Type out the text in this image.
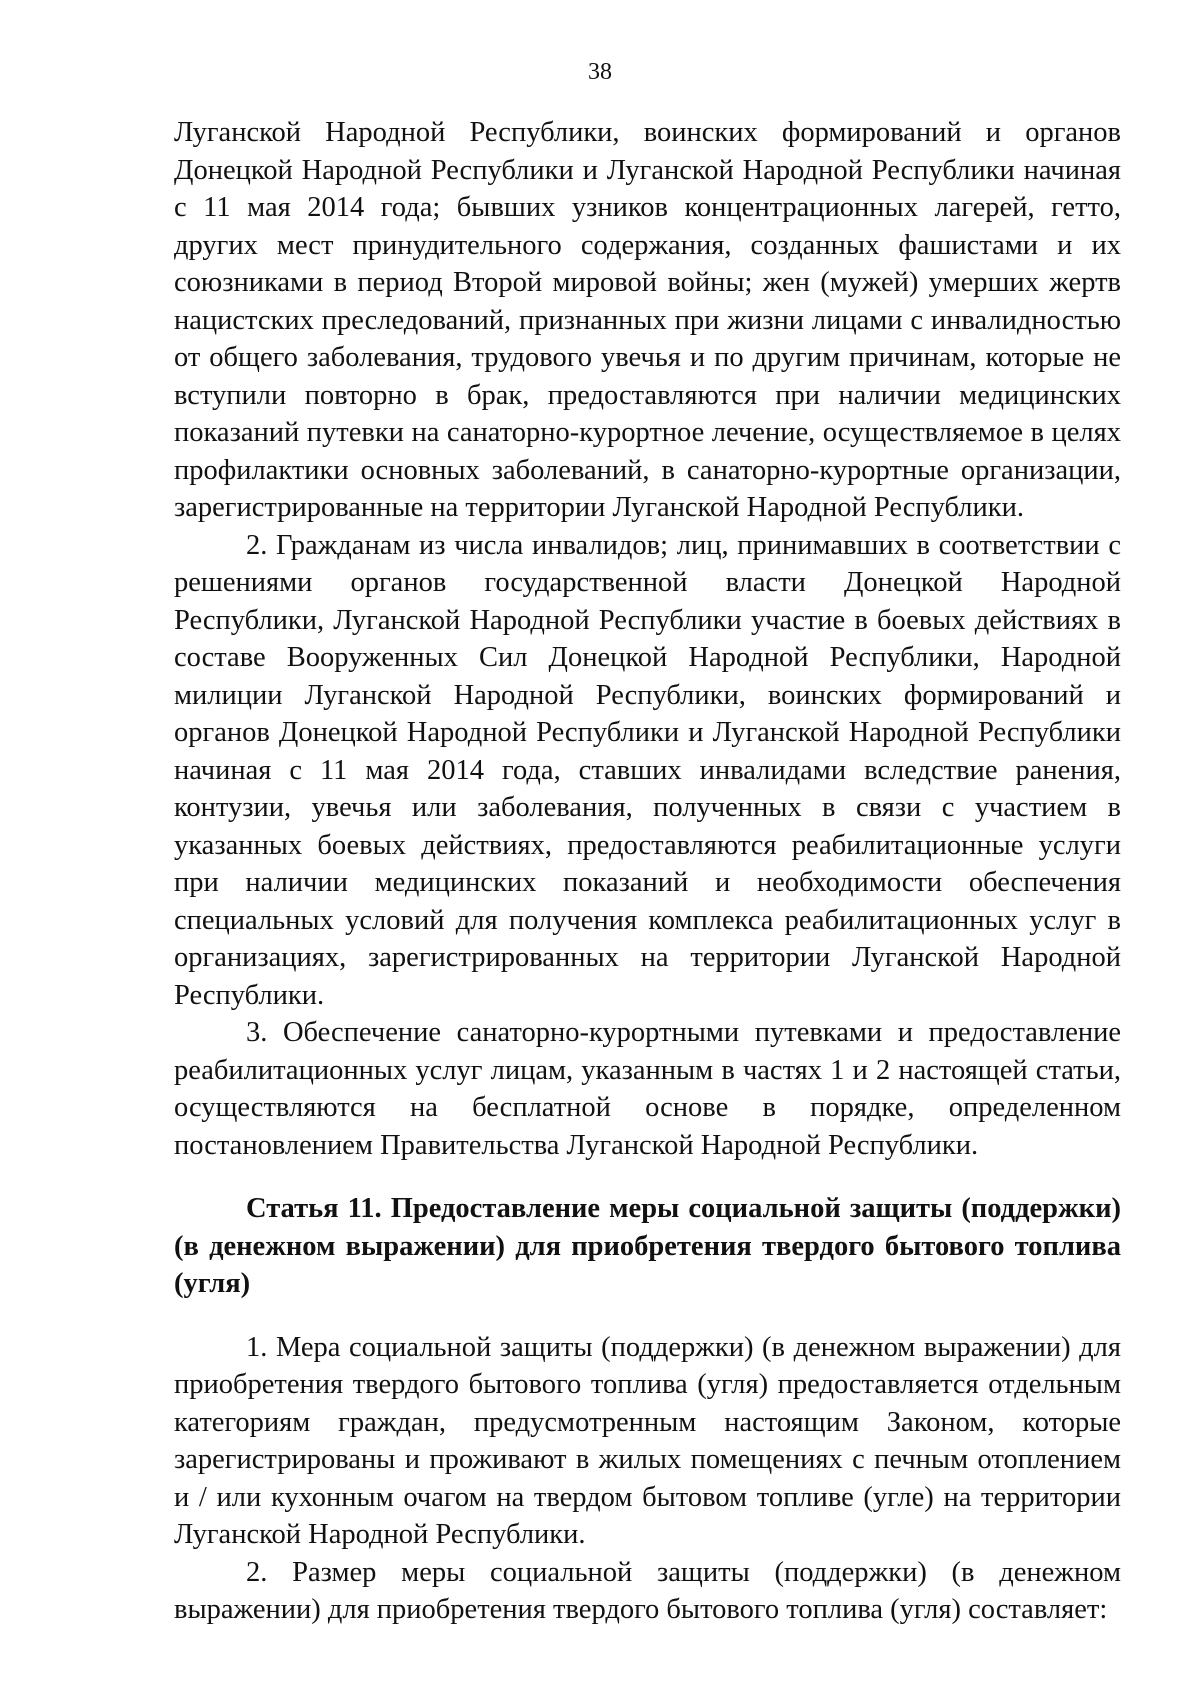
38

Луганской Народной Республики, воинских формирований и органов Донецкой Народной Республики и Луганской Народной Республики начиная с 11 мая 2014 года; бывших узников концентрационных лагерей, гетто, других мест принудительного содержания, созданных фашистами и их союзниками в период Второй мировой войны; жен (мужей) умерших жертв нацистских преследований, признанных при жизни лицами с инвалидностью от общего заболевания, трудового увечья и по другим причинам, которые не вступили повторно в брак, предоставляются при наличии медицинских показаний путевки на санаторно-курортное лечение, осуществляемое в целях профилактики основных заболеваний, в санаторно-курортные организации, зарегистрированные на территории Луганской Народной Республики.

2. Гражданам из числа инвалидов; лиц, принимавших в соответствии с решениями органов государственной власти Донецкой Народной Республики, Луганской Народной Республики участие в боевых действиях в составе Вооруженных Сил Донецкой Народной Республики, Народной милиции Луганской Народной Республики, воинских формирований и органов Донецкой Народной Республики и Луганской Народной Республики начиная с 11 мая 2014 года, ставших инвалидами вследствие ранения, контузии, увечья или заболевания, полученных в связи с участием в указанных боевых действиях, предоставляются реабилитационные услуги при наличии медицинских показаний и необходимости обеспечения специальных условий для получения комплекса реабилитационных услуг в организациях, зарегистрированных на территории Луганской Народной Республики.

3. Обеспечение санаторно-курортными путевками и предоставление реабилитационных услуг лицам, указанным в частях 1 и 2 настоящей статьи, осуществляются на бесплатной основе в порядке, определенном постановлением Правительства Луганской Народной Республики.

Статья 11. Предоставление меры социальной защиты (поддержки) (в денежном выражении) для приобретения твердого бытового топлива (угля)

1. Мера социальной защиты (поддержки) (в денежном выражении) для приобретения твердого бытового топлива (угля) предоставляется отдельным категориям граждан, предусмотренным настоящим Законом, которые зарегистрированы и проживают в жилых помещениях с печным отоплением и / или кухонным очагом на твердом бытовом топливе (угле) на территории Луганской Народной Республики.

2. Размер меры социальной защиты (поддержки) (в денежном выражении) для приобретения твердого бытового топлива (угля) составляет:
